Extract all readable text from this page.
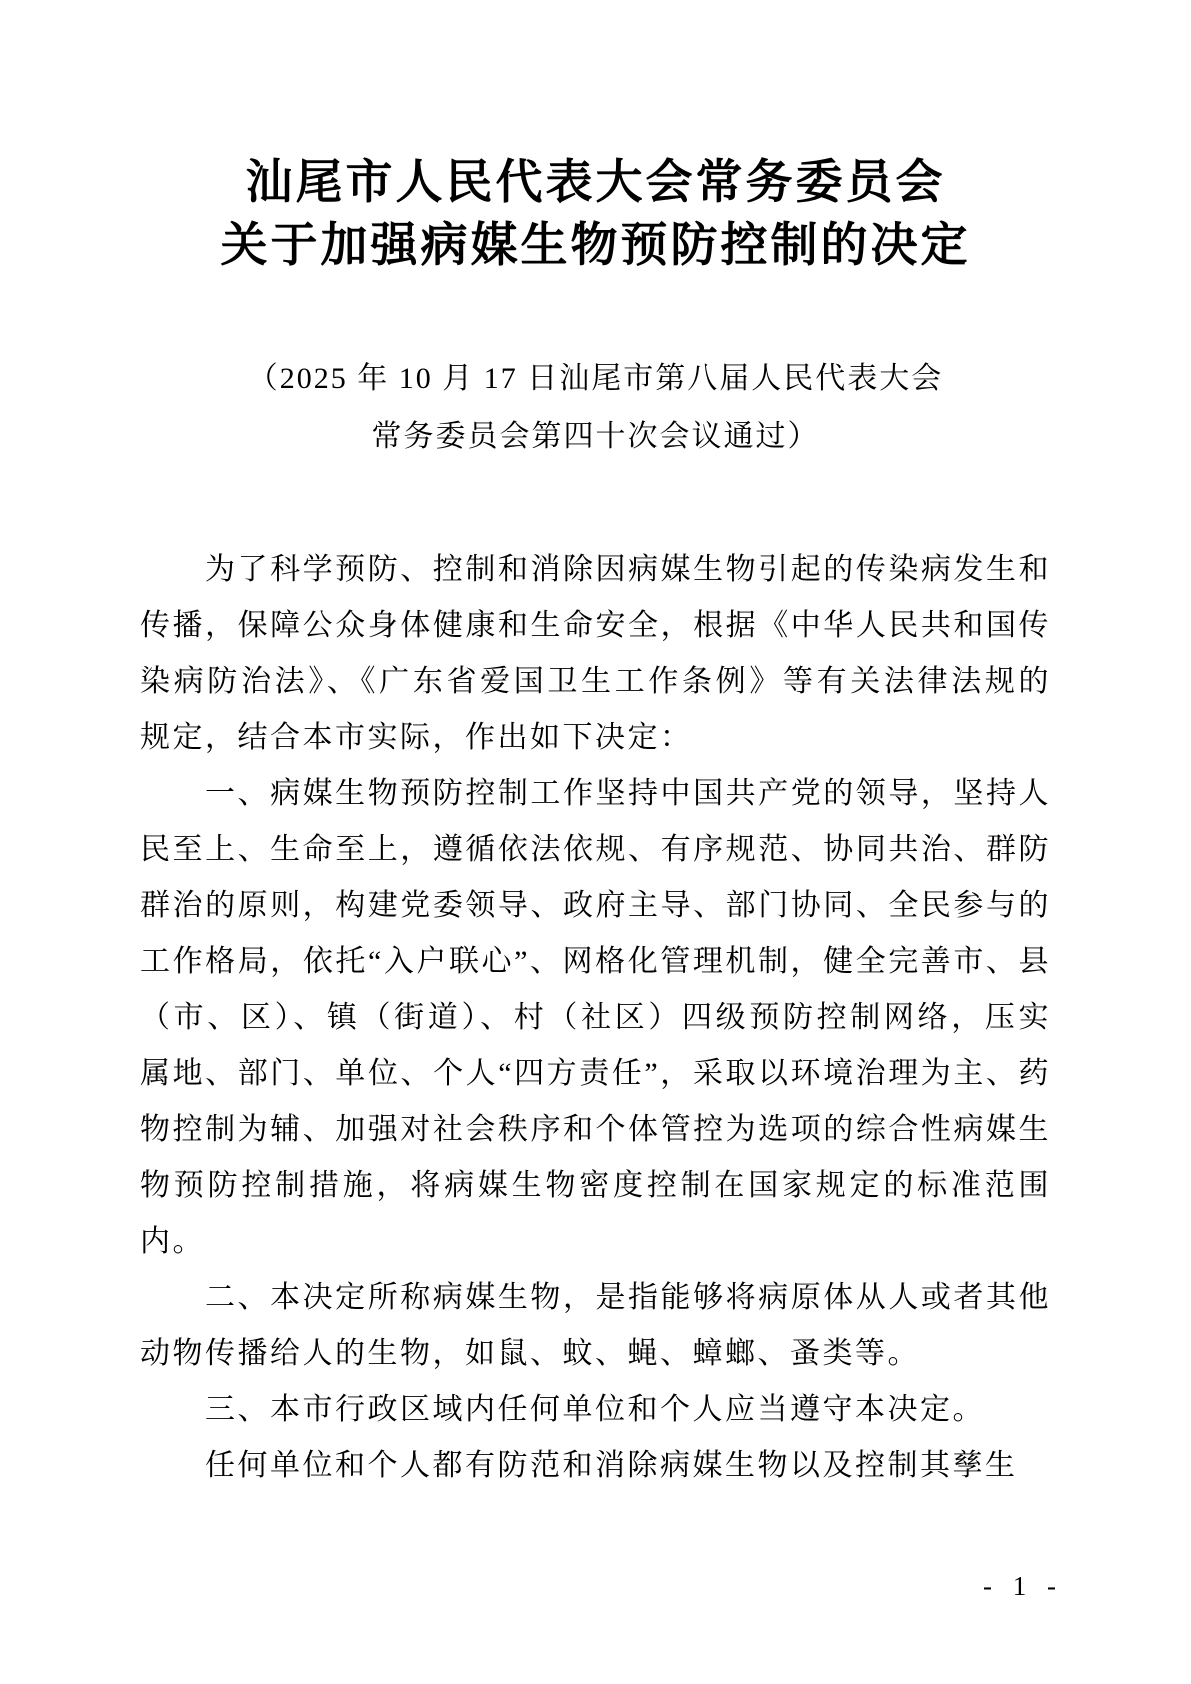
汕尾市人民代表大会常务委员会
关于加强病媒生物预防控制的决定
（2025 年 10 月 17 日汕尾市第八届人民代表大会
常务委员会第四十次会议通过）

为了科学预防、控制和消除因病媒生物引起的传染病发生和传播，保障公众身体健康和生命安全，根据《中华人民共和国传染病防治法》、《广东省爱国卫生工作条例》等有关法律法规的规定，结合本市实际，作出如下决定：

一、病媒生物预防控制工作坚持中国共产党的领导，坚持人民至上、生命至上，遵循依法依规、有序规范、协同共治、群防群治的原则，构建党委领导、政府主导、部门协同、全民参与的工作格局，依托“入户联心”、网格化管理机制，健全完善市、县（市、区）、镇（街道）、村（社区）四级预防控制网络，压实属地、部门、单位、个人“四方责任”，采取以环境治理为主、药物控制为辅、加强对社会秩序和个体管控为选项的综合性病媒生物预防控制措施，将病媒生物密度控制在国家规定的标准范围内。

二、本决定所称病媒生物，是指能够将病原体从人或者其他动物传播给人的生物，如鼠、蚊、蝇、蟑螂、蚤类等。

三、本市行政区域内任何单位和个人应当遵守本决定。

任何单位和个人都有防范和消除病媒生物以及控制其孳生

- 1 -
